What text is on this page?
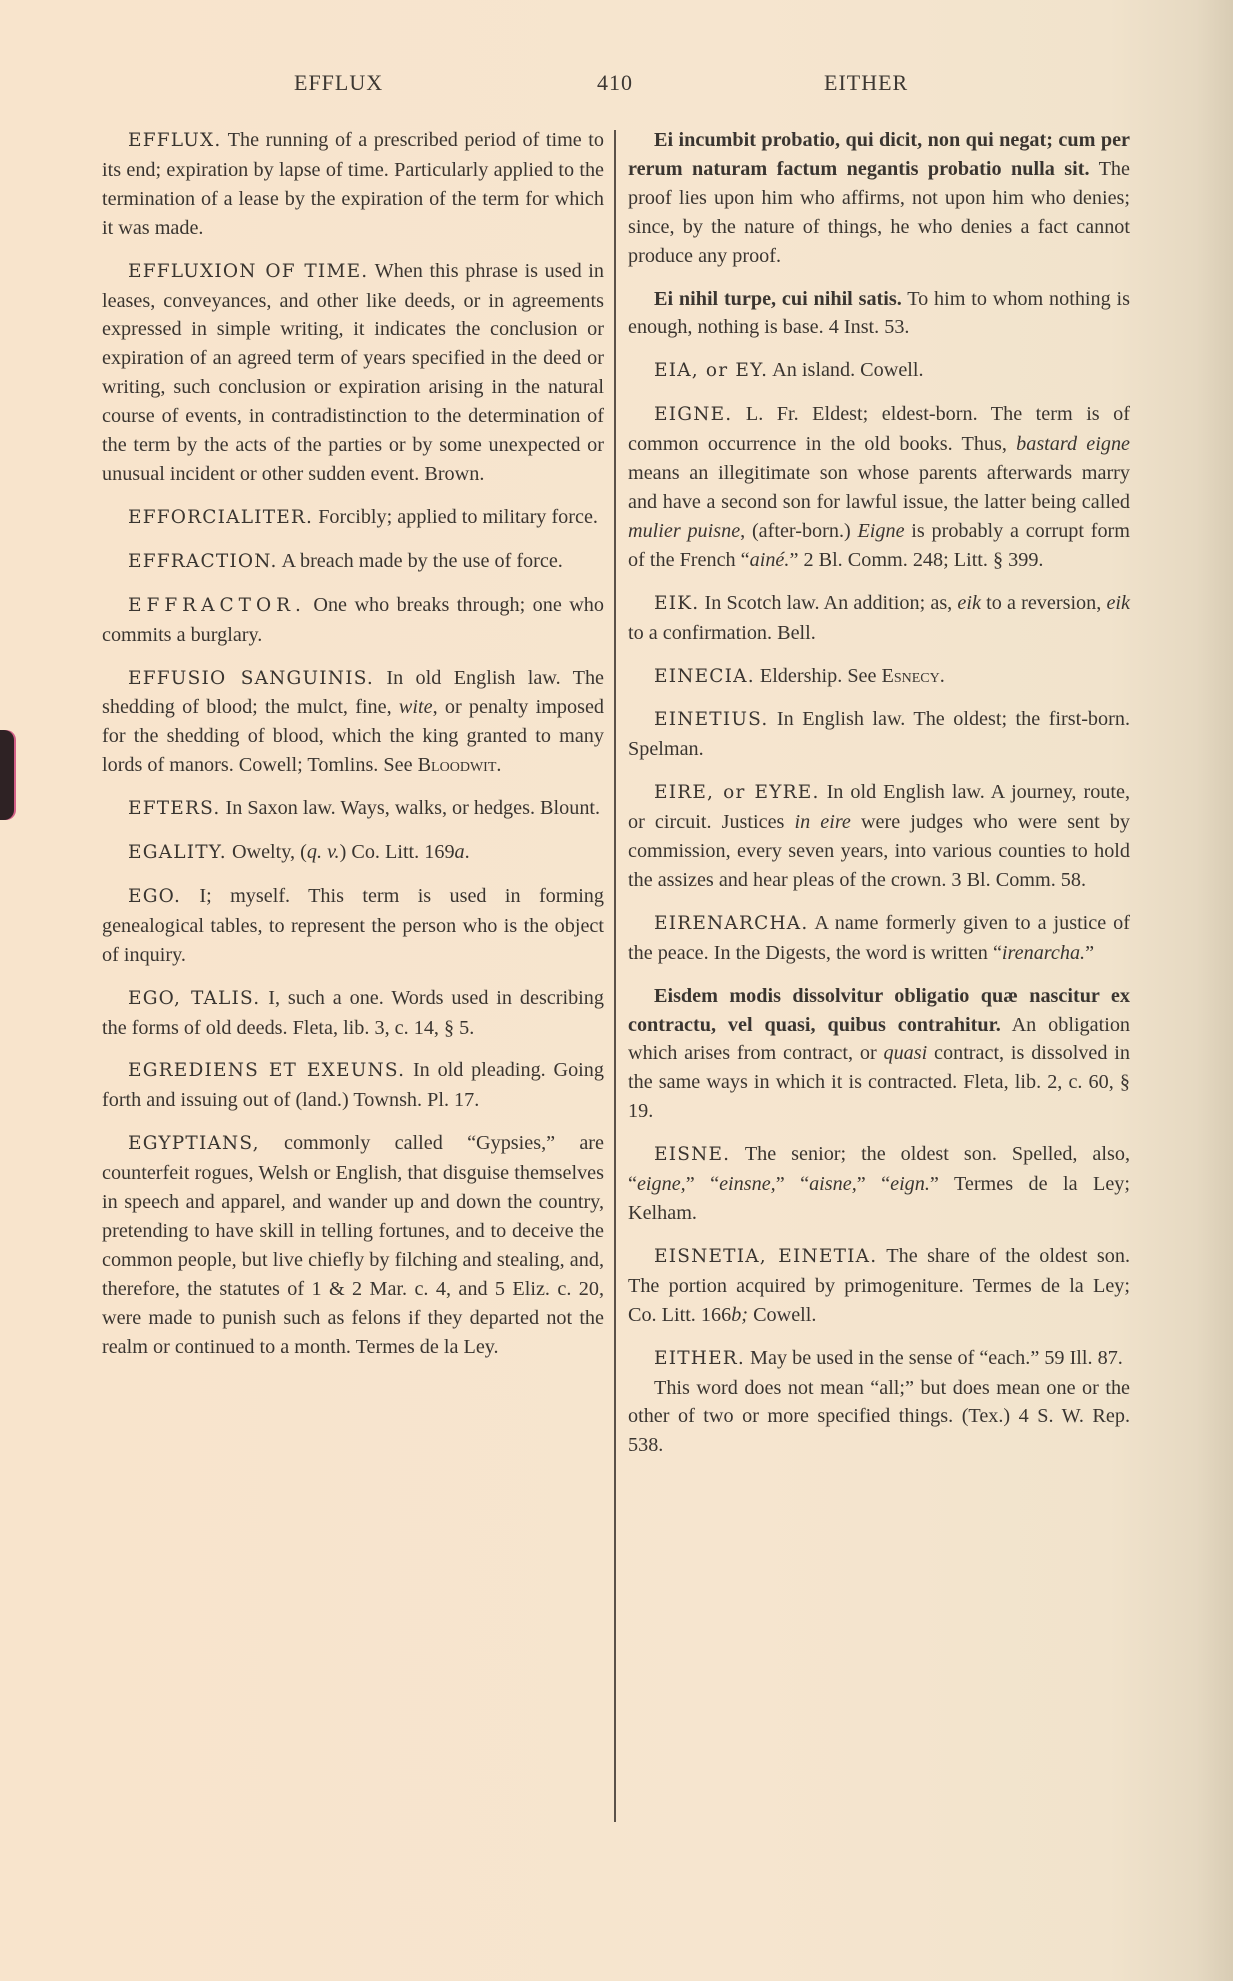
EFFLUX	410	EITHER

EFFLUX. The running of a prescribed period of time to its end; expiration by lapse of time. Particularly applied to the termination of a lease by the expiration of the term for which it was made.

EFFLUXION OF TIME. When this phrase is used in leases, conveyances, and other like deeds, or in agreements expressed in simple writing, it indicates the conclusion or expiration of an agreed term of years specified in the deed or writing, such conclusion or expiration arising in the natural course of events, in contradistinction to the determination of the term by the acts of the parties or by some unexpected or unusual incident or other sudden event. Brown.

EFFORCIALITER. Forcibly; applied to military force.

EFFRACTION. A breach made by the use of force.

EFFRACTOR. One who breaks through; one who commits a burglary.

EFFUSIO SANGUINIS. In old English law. The shedding of blood; the mulct, fine, wite, or penalty imposed for the shedding of blood, which the king granted to many lords of manors. Cowell; Tomlins. See Bloodwit.

EFTERS. In Saxon law. Ways, walks, or hedges. Blount.

EGALITY. Owelty, (q. v.) Co. Litt. 169a.

EGO. I; myself. This term is used in forming genealogical tables, to represent the person who is the object of inquiry.

EGO, TALIS. I, such a one. Words used in describing the forms of old deeds. Fleta, lib. 3, c. 14, § 5.

EGREDIENS ET EXEUNS. In old pleading. Going forth and issuing out of (land.) Townsh. Pl. 17.

EGYPTIANS, commonly called “Gypsies,” are counterfeit rogues, Welsh or English, that disguise themselves in speech and apparel, and wander up and down the country, pretending to have skill in telling fortunes, and to deceive the common people, but live chiefly by filching and stealing, and, therefore, the statutes of 1 & 2 Mar. c. 4, and 5 Eliz. c. 20, were made to punish such as felons if they departed not the realm or continued to a month. Termes de la Ley.

Ei incumbit probatio, qui dicit, non qui negat; cum per rerum naturam factum negantis probatio nulla sit. The proof lies upon him who affirms, not upon him who denies; since, by the nature of things, he who denies a fact cannot produce any proof.

Ei nihil turpe, cui nihil satis. To him to whom nothing is enough, nothing is base. 4 Inst. 53.

EIA, or EY. An island. Cowell.

EIGNE. L. Fr. Eldest; eldest-born. The term is of common occurrence in the old books. Thus, bastard eigne means an illegitimate son whose parents afterwards marry and have a second son for lawful issue, the latter being called mulier puisne, (after-born.) Eigne is probably a corrupt form of the French “ainé.” 2 Bl. Comm. 248; Litt. § 399.

EIK. In Scotch law. An addition; as, eik to a reversion, eik to a confirmation. Bell.

EINECIA. Eldership. See Esnecy.

EINETIUS. In English law. The oldest; the first-born. Spelman.

EIRE, or EYRE. In old English law. A journey, route, or circuit. Justices in eire were judges who were sent by commission, every seven years, into various counties to hold the assizes and hear pleas of the crown. 3 Bl. Comm. 58.

EIRENARCHA. A name formerly given to a justice of the peace. In the Digests, the word is written “irenarcha.”

Eisdem modis dissolvitur obligatio quæ nascitur ex contractu, vel quasi, quibus contrahitur. An obligation which arises from contract, or quasi contract, is dissolved in the same ways in which it is contracted. Fleta, lib. 2, c. 60, § 19.

EISNE. The senior; the oldest son. Spelled, also, “eigne,” “einsne,” “aisne,” “eign.” Termes de la Ley; Kelham.

EISNETIA, EINETIA. The share of the oldest son. The portion acquired by primogeniture. Termes de la Ley; Co. Litt. 166b; Cowell.

EITHER. May be used in the sense of “each.” 59 Ill. 87.

This word does not mean “all;” but does mean one or the other of two or more specified things. (Tex.) 4 S. W. Rep. 538.
